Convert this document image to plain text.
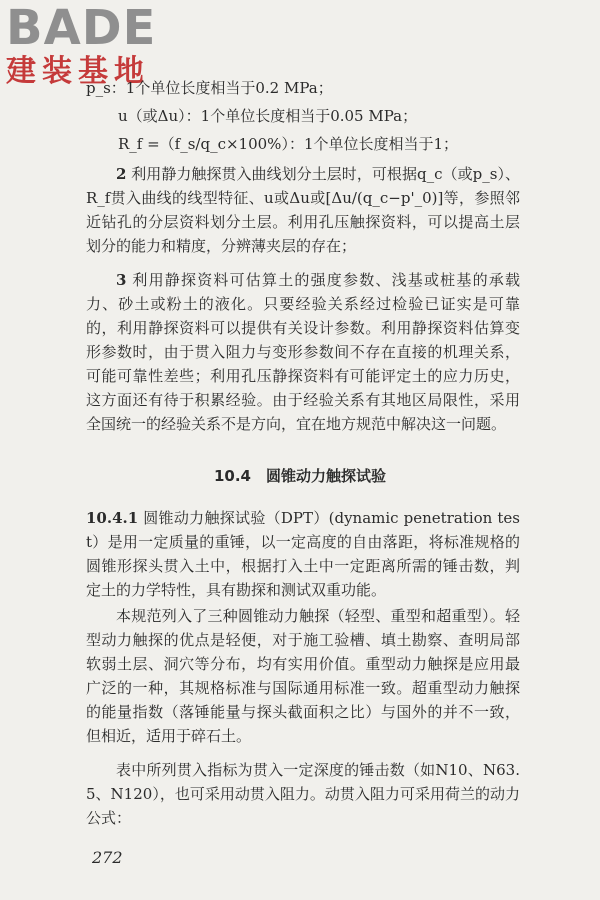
BADE
建装基地
p_s：1个单位长度相当于0.2 MPa；
u（或Δu）：1个单位长度相当于0.05 MPa；
R_f =（f_s/q_c×100%）：1个单位长度相当于1；
2 利用静力触探贯入曲线划分土层时，可根据q_c（或p_s）、R_f贯入曲线的线型特征、u或Δu或[Δu/(q_c−p'_0)]等，参照邻近钻孔的分层资料划分土层。利用孔压触探资料，可以提高土层划分的能力和精度，分辨薄夹层的存在；
3 利用静探资料可估算土的强度参数、浅基或桩基的承载力、砂土或粉土的液化。只要经验关系经过检验已证实是可靠的，利用静探资料可以提供有关设计参数。利用静探资料估算变形参数时，由于贯入阻力与变形参数间不存在直接的机理关系，可能可靠性差些；利用孔压静探资料有可能评定土的应力历史，这方面还有待于积累经验。由于经验关系有其地区局限性，采用全国统一的经验关系不是方向，宜在地方规范中解决这一问题。
10.4　圆锥动力触探试验
10.4.1 圆锥动力触探试验（DPT）(dynamic penetration test）是用一定质量的重锤，以一定高度的自由落距，将标准规格的圆锥形探头贯入土中，根据打入土中一定距离所需的锤击数，判定土的力学特性，具有勘探和测试双重功能。
本规范列入了三种圆锥动力触探（轻型、重型和超重型）。轻型动力触探的优点是轻便，对于施工验槽、填土勘察、查明局部软弱土层、洞穴等分布，均有实用价值。重型动力触探是应用最广泛的一种，其规格标准与国际通用标准一致。超重型动力触探的能量指数（落锤能量与探头截面积之比）与国外的并不一致，但相近，适用于碎石土。
表中所列贯入指标为贯入一定深度的锤击数（如N10、N63.5、N120），也可采用动贯入阻力。动贯入阻力可采用荷兰的动力公式：
272
